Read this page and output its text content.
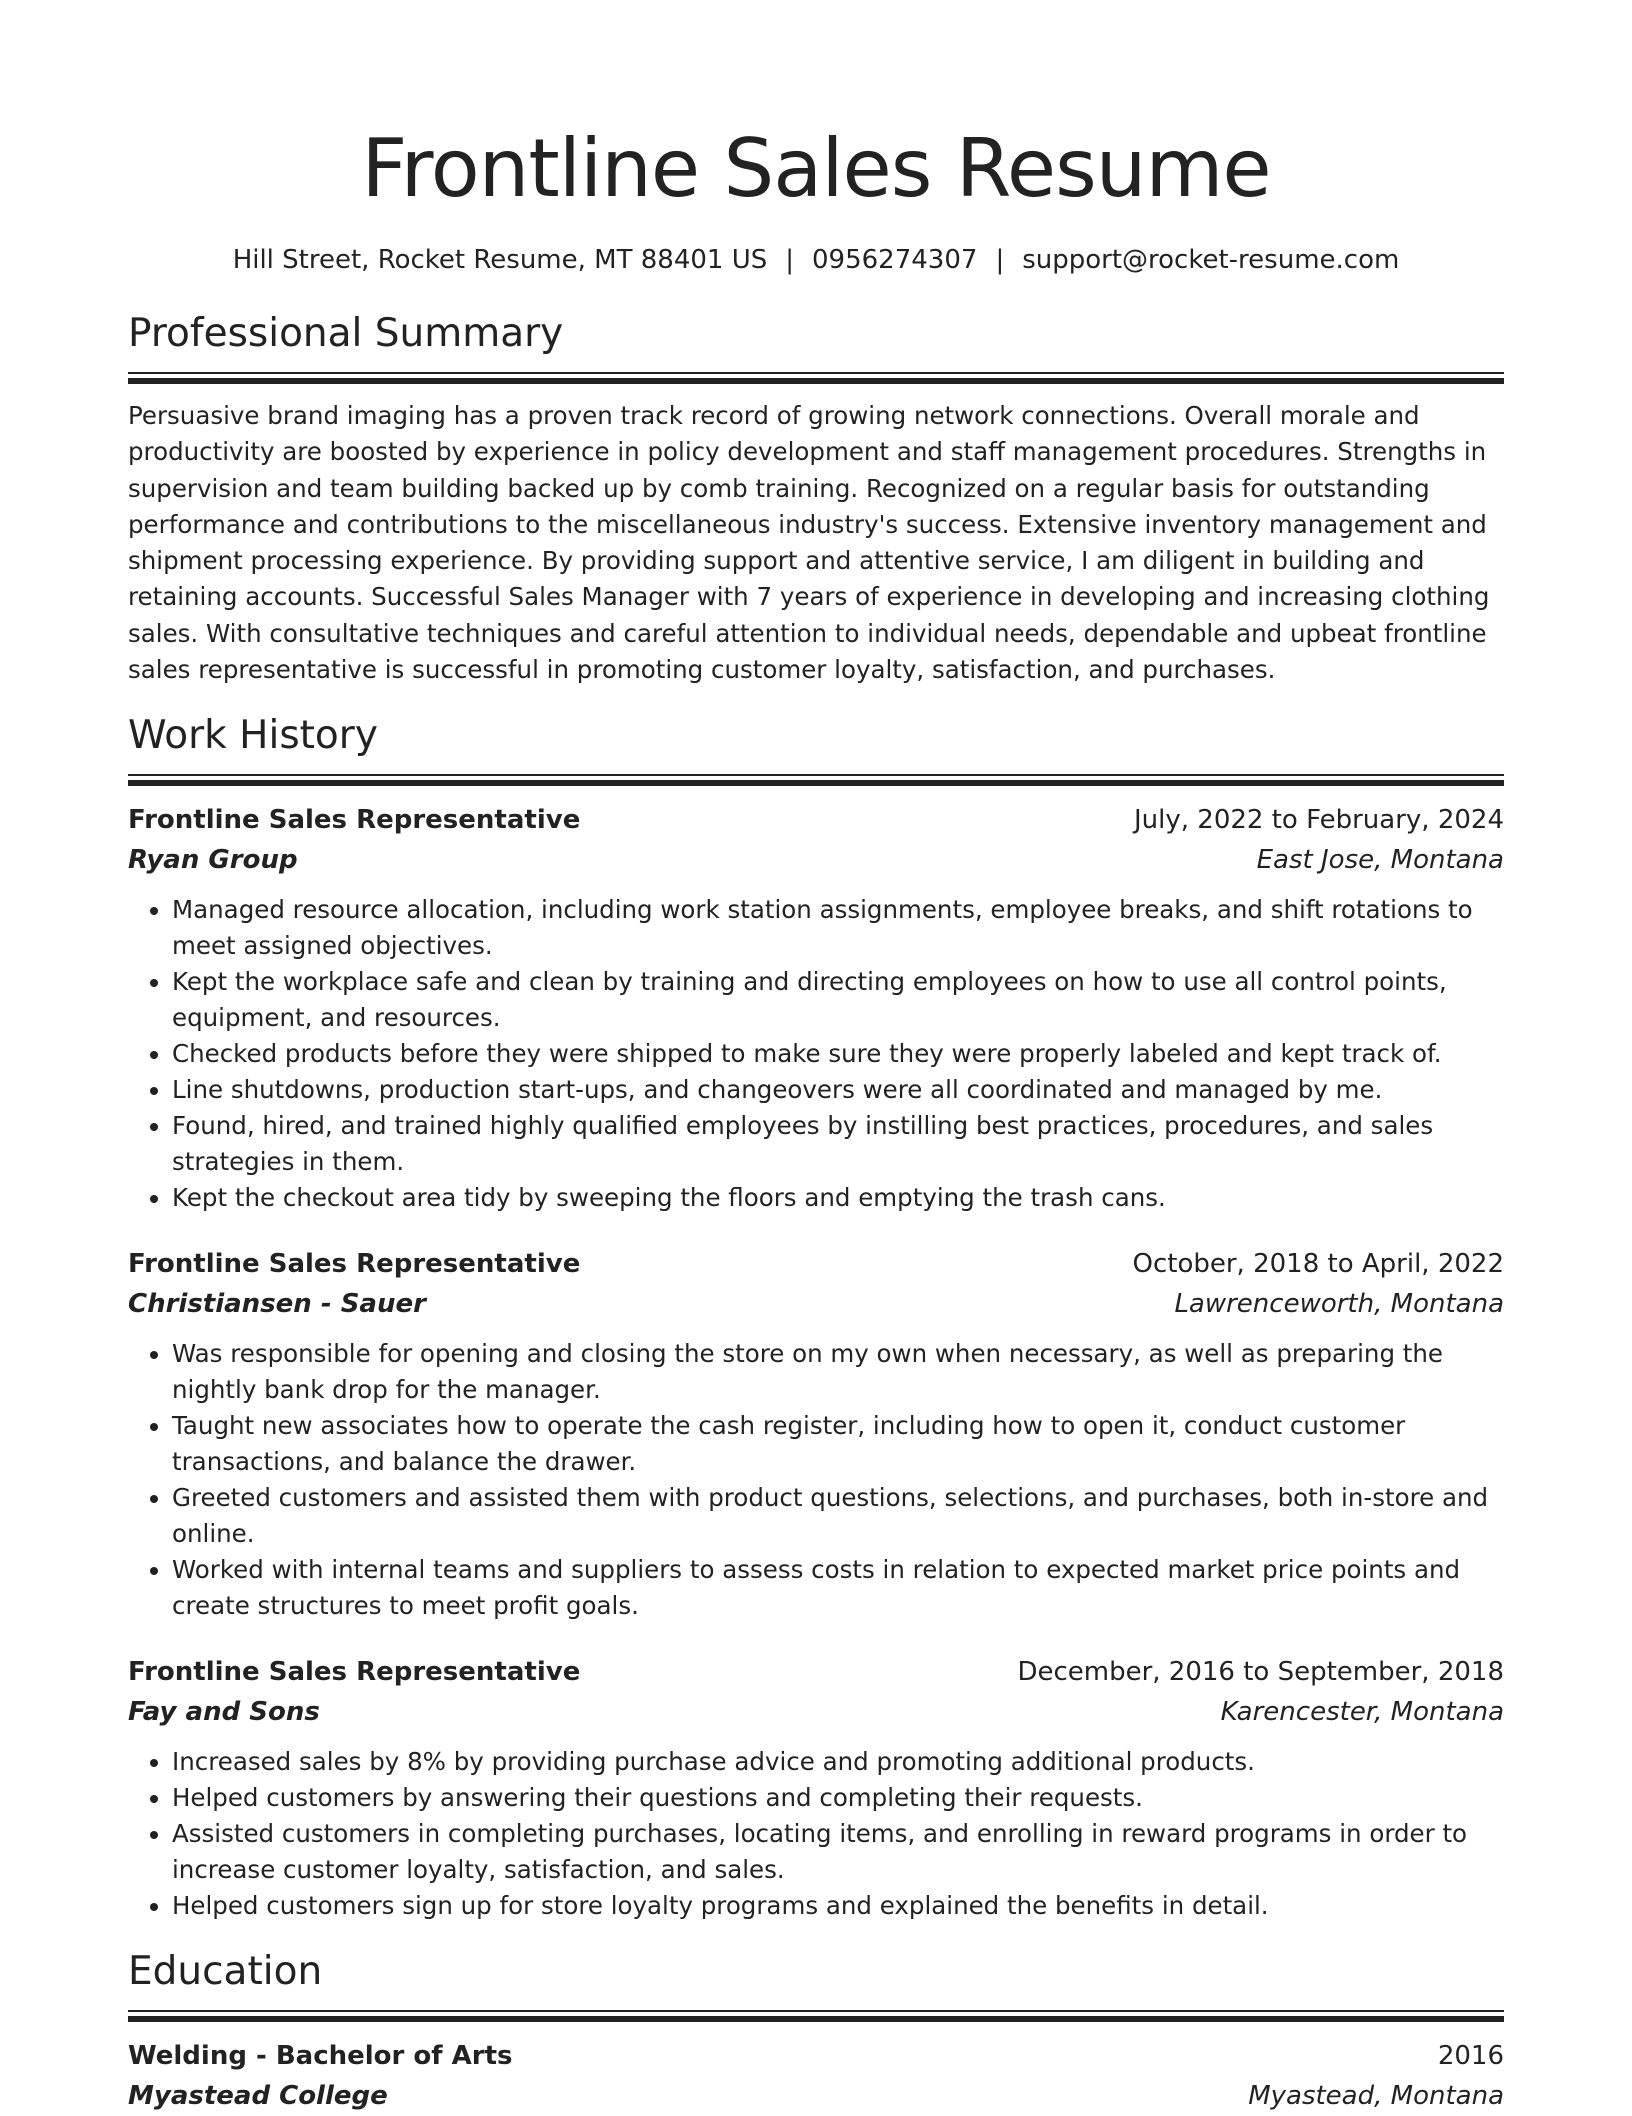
Frontline Sales Resume
Hill Street, Rocket Resume, MT 88401 US | 0956274307 | support@rocket-resume.com
Professional Summary

Persuasive brand imaging has a proven track record of growing network connections. Overall morale and productivity are boosted by experience in policy development and staff management procedures. Strengths in supervision and team building backed up by comb training. Recognized on a regular basis for outstanding performance and contributions to the miscellaneous industry's success. Extensive inventory management and shipment processing experience. By providing support and attentive service, I am diligent in building and retaining accounts. Successful Sales Manager with 7 years of experience in developing and increasing clothing sales. With consultative techniques and careful attention to individual needs, dependable and upbeat frontline sales representative is successful in promoting customer loyalty, satisfaction, and purchases.

Work History
Frontline Sales Representative	July, 2022 to February, 2024
Ryan Group	East Jose, Montana
• Managed resource allocation, including work station assignments, employee breaks, and shift rotations to meet assigned objectives.
• Kept the workplace safe and clean by training and directing employees on how to use all control points, equipment, and resources.
• Checked products before they were shipped to make sure they were properly labeled and kept track of.
• Line shutdowns, production start-ups, and changeovers were all coordinated and managed by me.
• Found, hired, and trained highly qualified employees by instilling best practices, procedures, and sales strategies in them.
• Kept the checkout area tidy by sweeping the floors and emptying the trash cans.
Frontline Sales Representative	October, 2018 to April, 2022
Christiansen - Sauer	Lawrenceworth, Montana
• Was responsible for opening and closing the store on my own when necessary, as well as preparing the nightly bank drop for the manager.
• Taught new associates how to operate the cash register, including how to open it, conduct customer transactions, and balance the drawer.
• Greeted customers and assisted them with product questions, selections, and purchases, both in-store and online.
• Worked with internal teams and suppliers to assess costs in relation to expected market price points and create structures to meet profit goals.
Frontline Sales Representative	December, 2016 to September, 2018
Fay and Sons	Karencester, Montana
• Increased sales by 8% by providing purchase advice and promoting additional products.
• Helped customers by answering their questions and completing their requests.
• Assisted customers in completing purchases, locating items, and enrolling in reward programs in order to increase customer loyalty, satisfaction, and sales.
• Helped customers sign up for store loyalty programs and explained the benefits in detail.
Education
Welding - Bachelor of Arts	2016
Myastead College	Myastead, Montana
